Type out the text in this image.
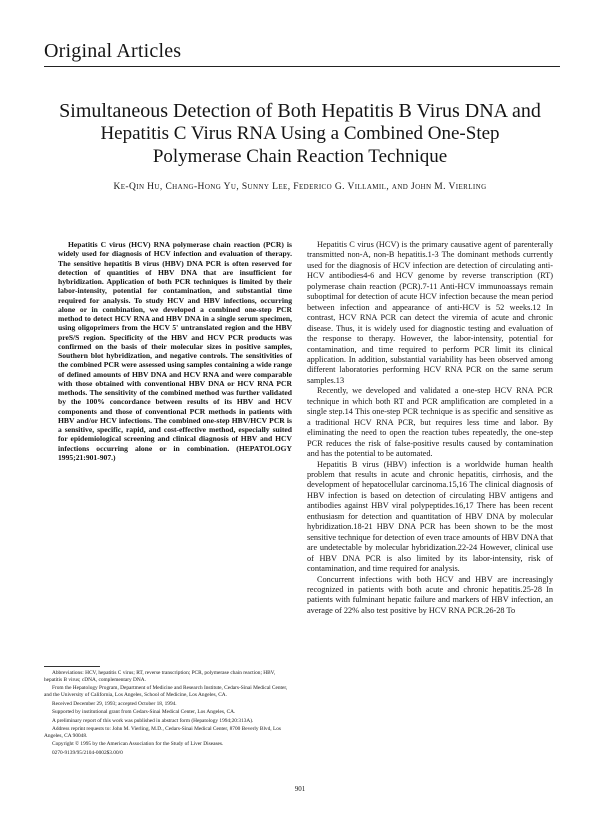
Original Articles
Simultaneous Detection of Both Hepatitis B Virus DNA and
Hepatitis C Virus RNA Using a Combined One-Step
Polymerase Chain Reaction Technique
Ke-Qin Hu, Chang-Hong Yu, Sunny Lee, Federico G. Villamil, and John M. Vierling

Hepatitis C virus (HCV) RNA polymerase chain reaction (PCR) is widely used for diagnosis of HCV infection and evaluation of therapy. The sensitive hepatitis B virus (HBV) DNA PCR is often reserved for detection of quantities of HBV DNA that are insufficient for hybridization. Application of both PCR techniques is limited by their labor-intensity, potential for contamination, and substantial time required for analysis. To study HCV and HBV infections, occurring alone or in combination, we developed a combined one-step PCR method to detect HCV RNA and HBV DNA in a single serum specimen, using oligoprimers from the HCV 5' untranslated region and the HBV preS/S region. Specificity of the HBV and HCV PCR products was confirmed on the basis of their molecular sizes in positive samples, Southern blot hybridization, and negative controls. The sensitivities of the combined PCR were assessed using samples containing a wide range of defined amounts of HBV DNA and HCV RNA and were comparable with those obtained with conventional HBV DNA or HCV RNA PCR methods. The sensitivity of the combined method was further validated by the 100% concordance between results of its HBV and HCV components and those of conventional PCR methods in patients with HBV and/or HCV infections. The combined one-step HBV/HCV PCR is a sensitive, specific, rapid, and cost-effective method, especially suited for epidemiological screening and clinical diagnosis of HBV and HCV infections occurring alone or in combination. (HEPATOLOGY 1995;21:901-907.)

Hepatitis C virus (HCV) is the primary causative agent of parenterally transmitted non-A, non-B hepatitis.1-3 The dominant methods currently used for the diagnosis of HCV infection are detection of circulating anti-HCV antibodies4-6 and HCV genome by reverse transcription (RT) polymerase chain reaction (PCR).7-11 Anti-HCV immunoassays remain suboptimal for detection of acute HCV infection because the mean period between infection and appearance of anti-HCV is 52 weeks.12 In contrast, HCV RNA PCR can detect the viremia of acute and chronic disease. Thus, it is widely used for diagnostic testing and evaluation of the response to therapy. However, the labor-intensity, potential for contamination, and time required to perform PCR limit its clinical application. In addition, substantial variability has been observed among different laboratories performing HCV RNA PCR on the same serum samples.13

Recently, we developed and validated a one-step HCV RNA PCR technique in which both RT and PCR amplification are completed in a single step.14 This one-step PCR technique is as specific and sensitive as a traditional HCV RNA PCR, but requires less time and labor. By eliminating the need to open the reaction tubes repeatedly, the one-step PCR reduces the risk of false-positive results caused by contamination and has the potential to be automated.

Hepatitis B virus (HBV) infection is a worldwide human health problem that results in acute and chronic hepatitis, cirrhosis, and the development of hepatocellular carcinoma.15,16 The clinical diagnosis of HBV infection is based on detection of circulating HBV antigens and antibodies against HBV viral polypeptides.16,17 There has been recent enthusiasm for detection and quantitation of HBV DNA by molecular hybridization.18-21 HBV DNA PCR has been shown to be the most sensitive technique for detection of even trace amounts of HBV DNA that are undetectable by molecular hybridization.22-24 However, clinical use of HBV DNA PCR is also limited by its labor-intensity, risk of contamination, and time required for analysis.

Concurrent infections with both HCV and HBV are increasingly recognized in patients with both acute and chronic hepatitis.25-28 In patients with fulminant hepatic failure and markers of HBV infection, an average of 22% also test positive by HCV RNA PCR.26-28 To

Abbreviations: HCV, hepatitis C virus; RT, reverse transcription; PCR, polymerase chain reaction; HBV, hepatitis B virus; cDNA, complementary DNA.

From the Hepatology Program, Department of Medicine and Research Institute, Cedars-Sinai Medical Center, and the University of California, Los Angeles, School of Medicine, Los Angeles, CA.

Received December 29, 1993; accepted October 18, 1994.

Supported by institutional grant from Cedars-Sinai Medical Center, Los Angeles, CA.

A preliminary report of this work was published in abstract form (Hepatology 1994;20:313A).

Address reprint requests to: John M. Vierling, M.D., Cedars-Sinai Medical Center, 8700 Beverly Blvd, Los Angeles, CA 90048.

Copyright © 1995 by the American Association for the Study of Liver Diseases.

0270-9139/95/2104-0002$3.00/0

901
